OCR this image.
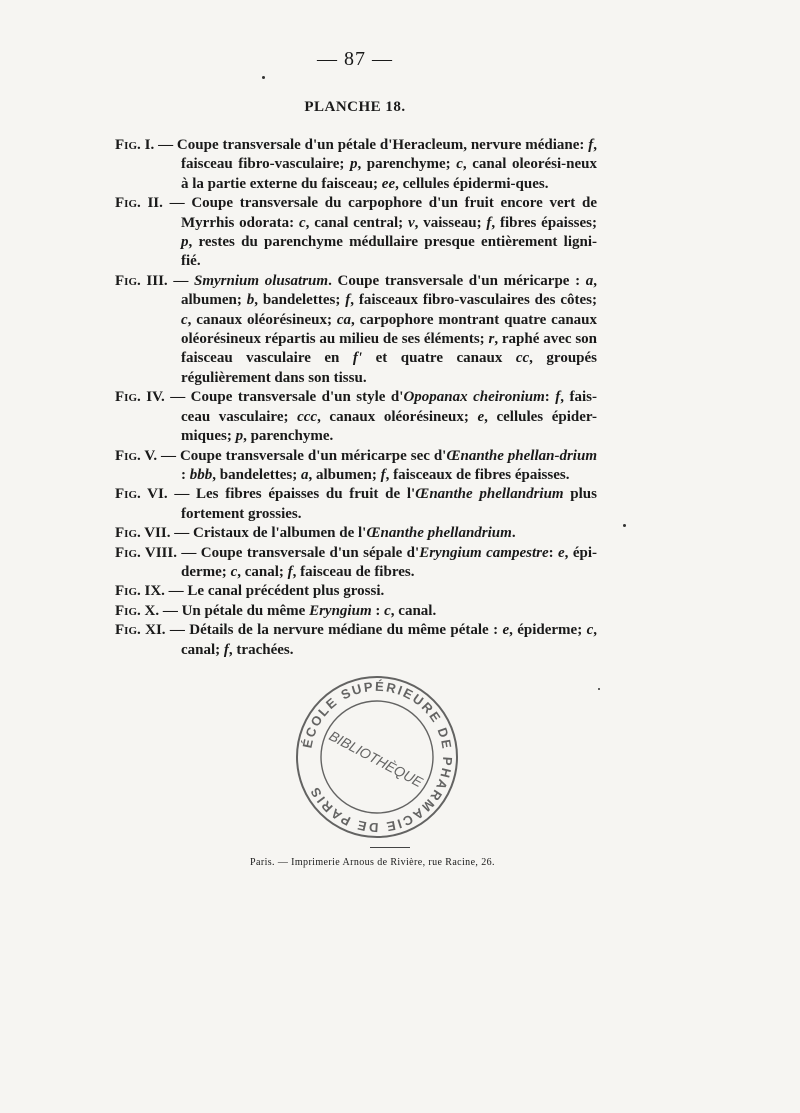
— 87 —
PLANCHE 18.

Fig. I. — Coupe transversale d'un pétale d'Heracleum, nervure médiane: f, faisceau fibro-vasculaire; p, parenchyme; c, canal oleorési-neux à la partie externe du faisceau; ee, cellules épidermi-ques.

Fig. II. — Coupe transversale du carpophore d'un fruit encore vert de Myrrhis odorata: c, canal central; v, vaisseau; f, fibres épaisses; p, restes du parenchyme médullaire presque entièrement ligni-fié.

Fig. III. — Smyrnium olusatrum. Coupe transversale d'un méricarpe : a, albumen; b, bandelettes; f, faisceaux fibro-vasculaires des côtes; c, canaux oléorésineux; ca, carpophore montrant quatre canaux oléorésineux répartis au milieu de ses éléments; r, raphé avec son faisceau vasculaire en f' et quatre canaux cc, groupés régulièrement dans son tissu.

Fig. IV. — Coupe transversale d'un style d'Opopanax cheironium: f, fais-ceau vasculaire; ccc, canaux oléorésineux; e, cellules épider-miques; p, parenchyme.

Fig. V. — Coupe transversale d'un méricarpe sec d'Œnanthe phellan-drium : bbb, bandelettes; a, albumen; f, faisceaux de fibres épaisses.

Fig. VI. — Les fibres épaisses du fruit de l'Œnanthe phellandrium plus fortement grossies.

Fig. VII. — Cristaux de l'albumen de l'Œnanthe phellandrium.

Fig. VIII. — Coupe transversale d'un sépale d'Eryngium campestre: e, épi-derme; c, canal; f, faisceau de fibres.

Fig. IX. — Le canal précédent plus grossi.

Fig. X. — Un pétale du même Eryngium : c, canal.

Fig. XI. — Détails de la nervure médiane du même pétale : e, épiderme; c, canal; f, trachées.

ÉCOLE SUPÉRIEURE DE PHARMACIE DE PARIS
BIBLIOTHÈQUE
Paris. — Imprimerie Arnous de Rivière, rue Racine, 26.
